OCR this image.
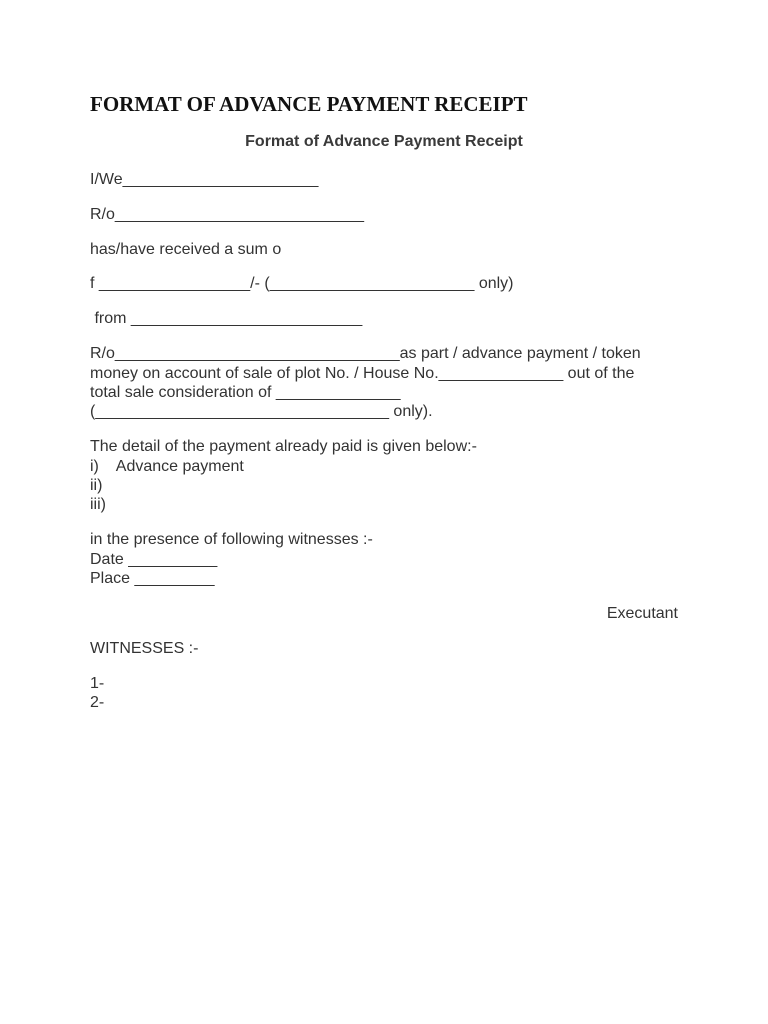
FORMAT OF ADVANCE PAYMENT RECEIPT
Format of Advance Payment Receipt
I/We______________________
R/o____________________________
has/have received a sum o
f _________________/- (_______________________ only)
from __________________________
R/o________________________________as part / advance payment / token
money on account of sale of plot No. / House No.______________ out of the
total sale consideration of ______________
(_________________________________ only).
The detail of the payment already paid is given below:-
i)    Advance payment
ii)
iii)
in the presence of following witnesses :-
Date __________
Place _________
Executant
WITNESSES :-
1-
2-
